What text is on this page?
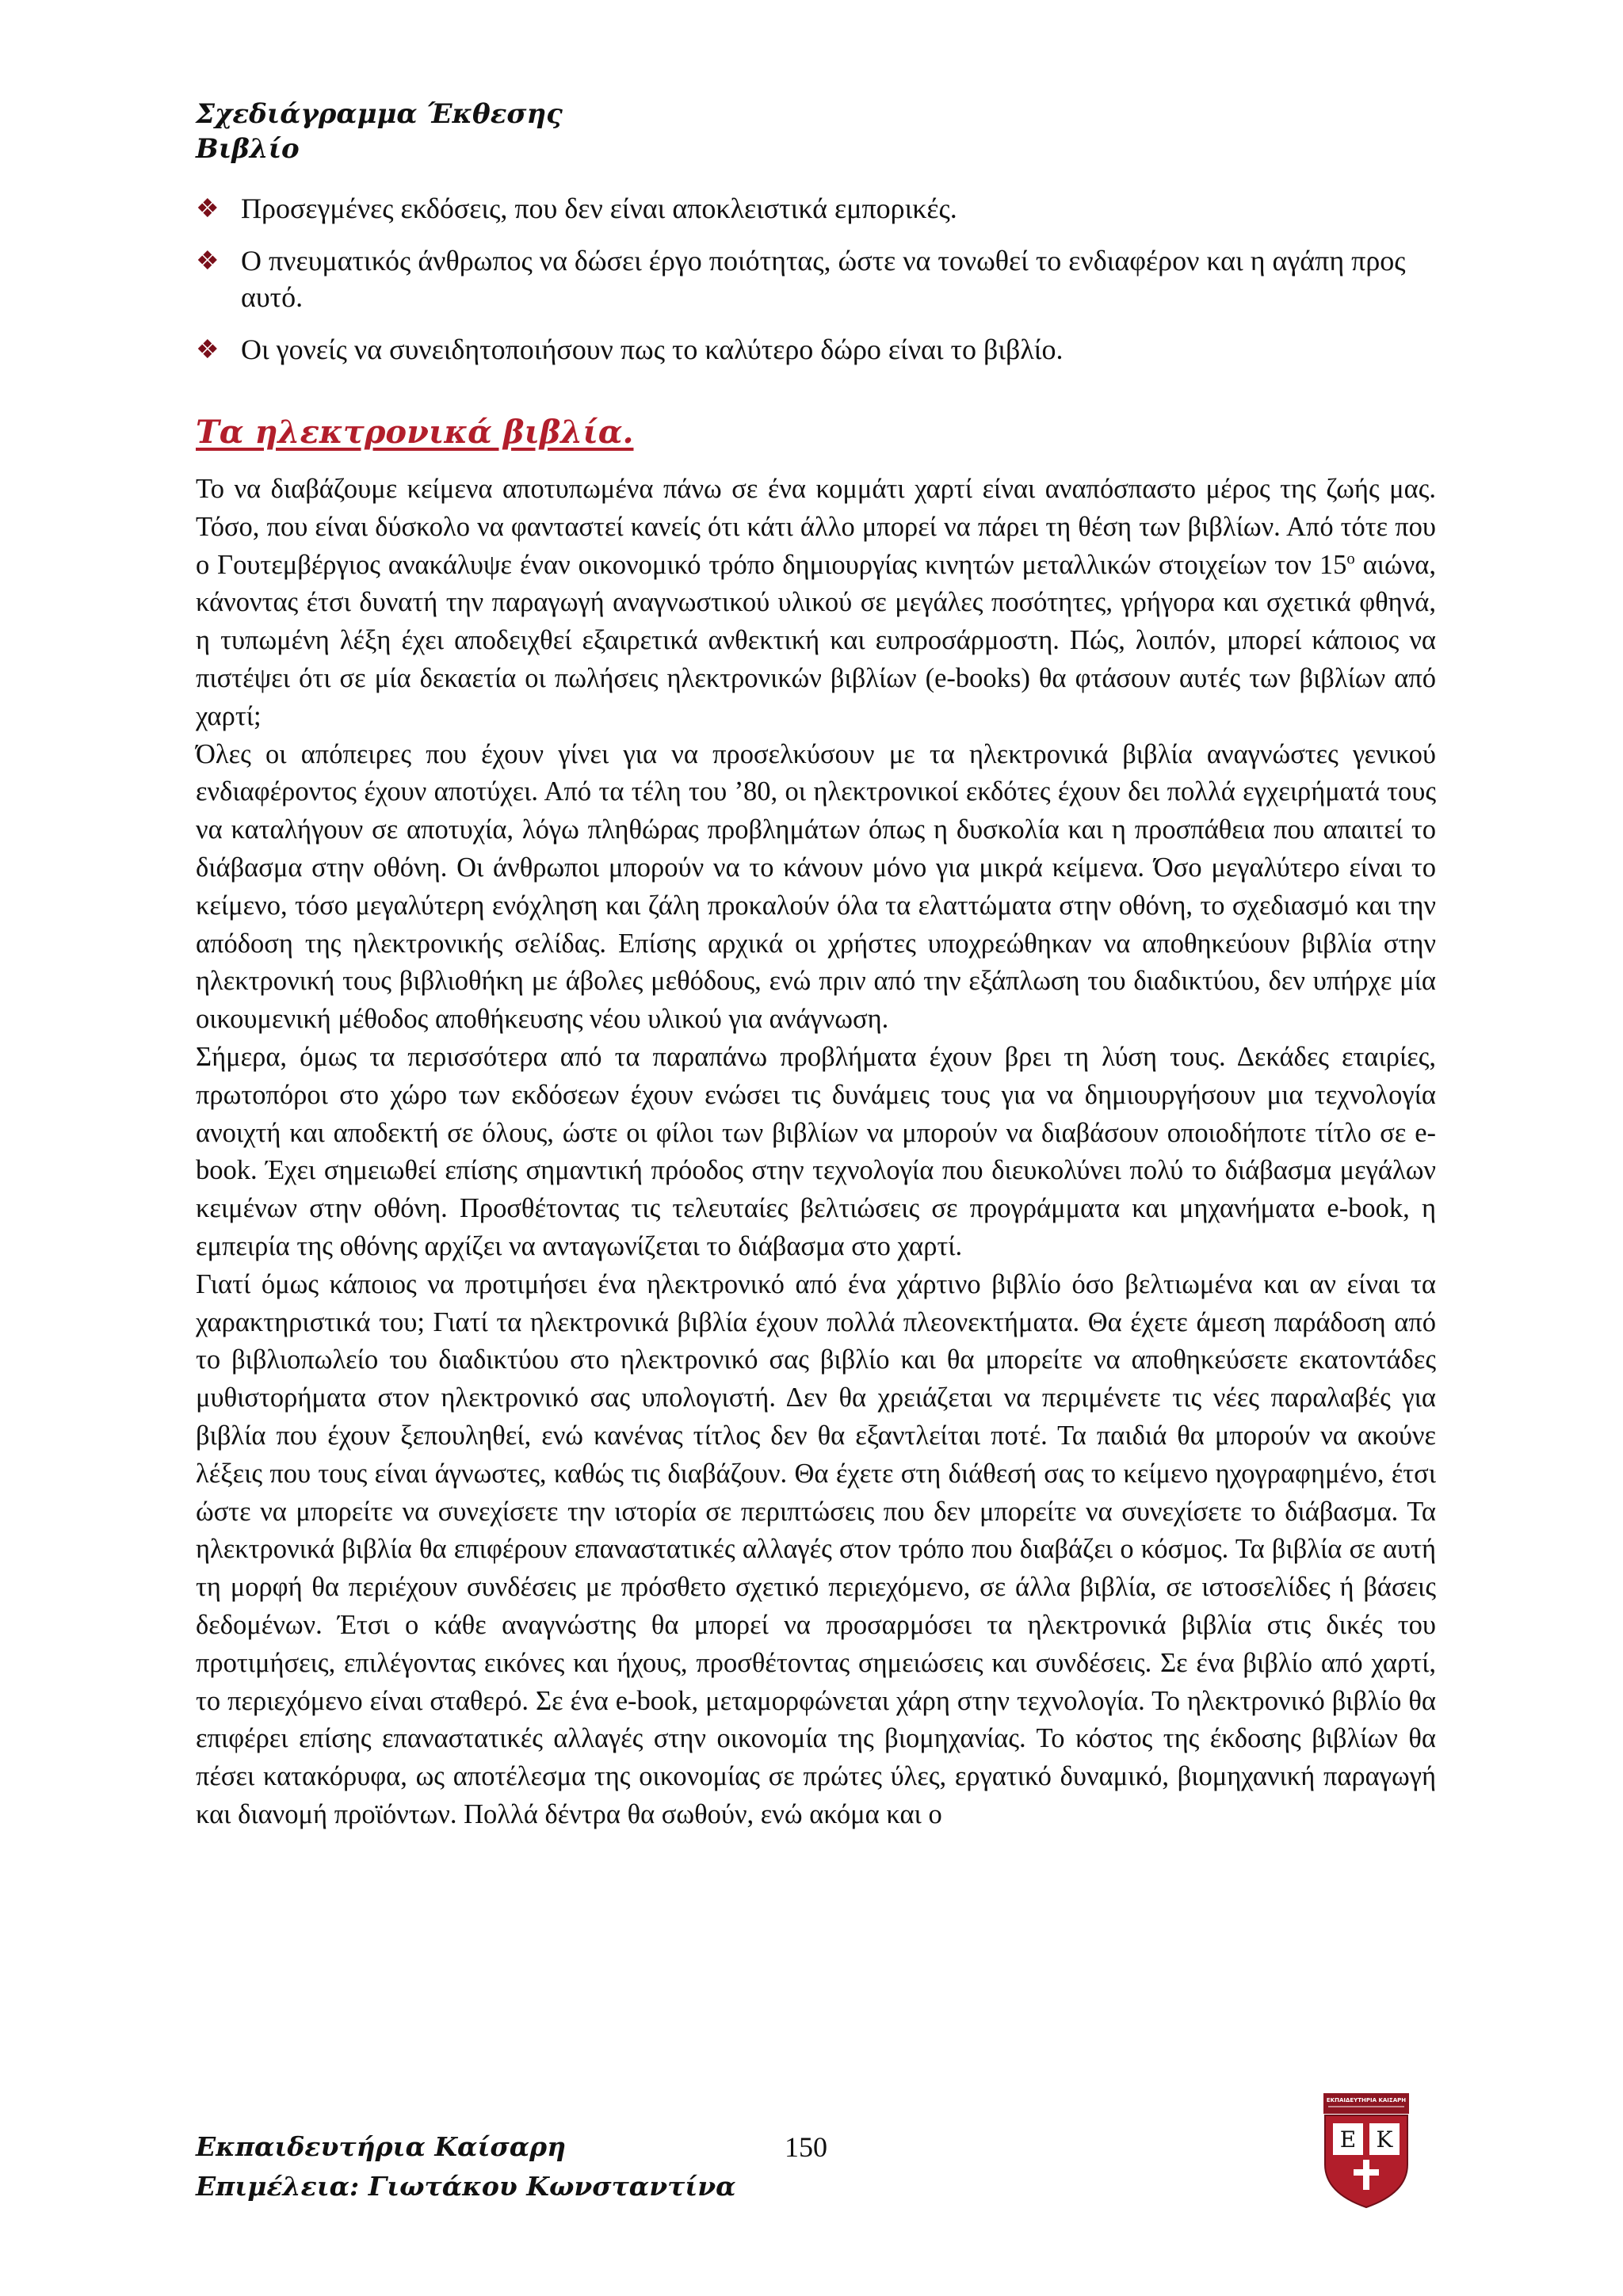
Σχεδιάγραμμα Έκθεσης
Βιβλίο
❖ Προσεγμένες εκδόσεις, που δεν είναι αποκλειστικά εμπορικές.
❖ Ο πνευματικός άνθρωπος να δώσει έργο ποιότητας, ώστε να τονωθεί το ενδιαφέρον και η αγάπη προς αυτό.
❖ Οι γονείς να συνειδητοποιήσουν πως το καλύτερο δώρο είναι το βιβλίο.
Τα ηλεκτρονικά βιβλία.

Το να διαβάζουμε κείμενα αποτυπωμένα πάνω σε ένα κομμάτι χαρτί είναι αναπόσπαστο μέρος της ζωής μας. Τόσο, που είναι δύσκολο να φανταστεί κανείς ότι κάτι άλλο μπορεί να πάρει τη θέση των βιβλίων. Από τότε που ο Γουτεμβέργιος ανακάλυψε έναν οικονομικό τρόπο δημιουργίας κινητών μεταλλικών στοιχείων τον $15^o$ αιώνα, κάνοντας έτσι δυνατή την παραγωγή αναγνωστικού υλικού σε μεγάλες ποσότητες, γρήγορα και σχετικά φθηνά, η τυπωμένη λέξη έχει αποδειχθεί εξαιρετικά ανθεκτική και ευπροσάρμοστη. Πώς, λοιπόν, μπορεί κάποιος να πιστέψει ότι σε μία δεκαετία οι πωλήσεις ηλεκτρονικών βιβλίων (e-books) θα φτάσουν αυτές των βιβλίων από χαρτί;

Όλες οι απόπειρες που έχουν γίνει για να προσελκύσουν με τα ηλεκτρονικά βιβλία αναγνώστες γενικού ενδιαφέροντος έχουν αποτύχει. Από τα τέλη του ’80, οι ηλεκτρονικοί εκδότες έχουν δει πολλά εγχειρήματά τους να καταλήγουν σε αποτυχία, λόγω πληθώρας προβλημάτων όπως η δυσκολία και η προσπάθεια που απαιτεί το διάβασμα στην οθόνη. Οι άνθρωποι μπορούν να το κάνουν μόνο για μικρά κείμενα. Όσο μεγαλύτερο είναι το κείμενο, τόσο μεγαλύτερη ενόχληση και ζάλη προκαλούν όλα τα ελαττώματα στην οθόνη, το σχεδιασμό και την απόδοση της ηλεκτρονικής σελίδας. Επίσης αρχικά οι χρήστες υποχρεώθηκαν να αποθηκεύουν βιβλία στην ηλεκτρονική τους βιβλιοθήκη με άβολες μεθόδους, ενώ πριν από την εξάπλωση του διαδικτύου, δεν υπήρχε μία οικουμενική μέθοδος αποθήκευσης νέου υλικού για ανάγνωση.

Σήμερα, όμως τα περισσότερα από τα παραπάνω προβλήματα έχουν βρει τη λύση τους. Δεκάδες εταιρίες, πρωτοπόροι στο χώρο των εκδόσεων έχουν ενώσει τις δυνάμεις τους για να δημιουργήσουν μια τεχνολογία ανοιχτή και αποδεκτή σε όλους, ώστε οι φίλοι των βιβλίων να μπορούν να διαβάσουν οποιοδήποτε τίτλο σε e-book. Έχει σημειωθεί επίσης σημαντική πρόοδος στην τεχνολογία που διευκολύνει πολύ το διάβασμα μεγάλων κειμένων στην οθόνη. Προσθέτοντας τις τελευταίες βελτιώσεις σε προγράμματα και μηχανήματα e-book, η εμπειρία της οθόνης αρχίζει να ανταγωνίζεται το διάβασμα στο χαρτί.

Γιατί όμως κάποιος να προτιμήσει ένα ηλεκτρονικό από ένα χάρτινο βιβλίο όσο βελτιωμένα και αν είναι τα χαρακτηριστικά του; Γιατί τα ηλεκτρονικά βιβλία έχουν πολλά πλεονεκτήματα. Θα έχετε άμεση παράδοση από το βιβλιοπωλείο του διαδικτύου στο ηλεκτρονικό σας βιβλίο και θα μπορείτε να αποθηκεύσετε εκατοντάδες μυθιστορήματα στον ηλεκτρονικό σας υπολογιστή. Δεν θα χρειάζεται να περιμένετε τις νέες παραλαβές για βιβλία που έχουν ξεπουληθεί, ενώ κανένας τίτλος δεν θα εξαντλείται ποτέ. Τα παιδιά θα μπορούν να ακούνε λέξεις που τους είναι άγνωστες, καθώς τις διαβάζουν. Θα έχετε στη διάθεσή σας το κείμενο ηχογραφημένο, έτσι ώστε να μπορείτε να συνεχίσετε την ιστορία σε περιπτώσεις που δεν μπορείτε να συνεχίσετε το διάβασμα. Τα ηλεκτρονικά βιβλία θα επιφέρουν επαναστατικές αλλαγές στον τρόπο που διαβάζει ο κόσμος. Τα βιβλία σε αυτή τη μορφή θα περιέχουν συνδέσεις με πρόσθετο σχετικό περιεχόμενο, σε άλλα βιβλία, σε ιστοσελίδες ή βάσεις δεδομένων. Έτσι ο κάθε αναγνώστης θα μπορεί να προσαρμόσει τα ηλεκτρονικά βιβλία στις δικές του προτιμήσεις, επιλέγοντας εικόνες και ήχους, προσθέτοντας σημειώσεις και συνδέσεις. Σε ένα βιβλίο από χαρτί, το περιεχόμενο είναι σταθερό. Σε ένα e-book, μεταμορφώνεται χάρη στην τεχνολογία. Το ηλεκτρονικό βιβλίο θα επιφέρει επίσης επαναστατικές αλλαγές στην οικονομία της βιομηχανίας. Το κόστος της έκδοσης βιβλίων θα πέσει κατακόρυφα, ως αποτέλεσμα της οικονομίας σε πρώτες ύλες, εργατικό δυναμικό, βιομηχανική παραγωγή και διανομή προϊόντων. Πολλά δέντρα θα σωθούν, ενώ ακόμα και ο

Εκπαιδευτήρια Καίσαρη
Επιμέλεια: Γιωτάκου Κωνσταντίνα
150
ΕΚΠΑΙΔΕΥΤΗΡΙΑ ΚΑΙΣΑΡΗ
Ε Κ
